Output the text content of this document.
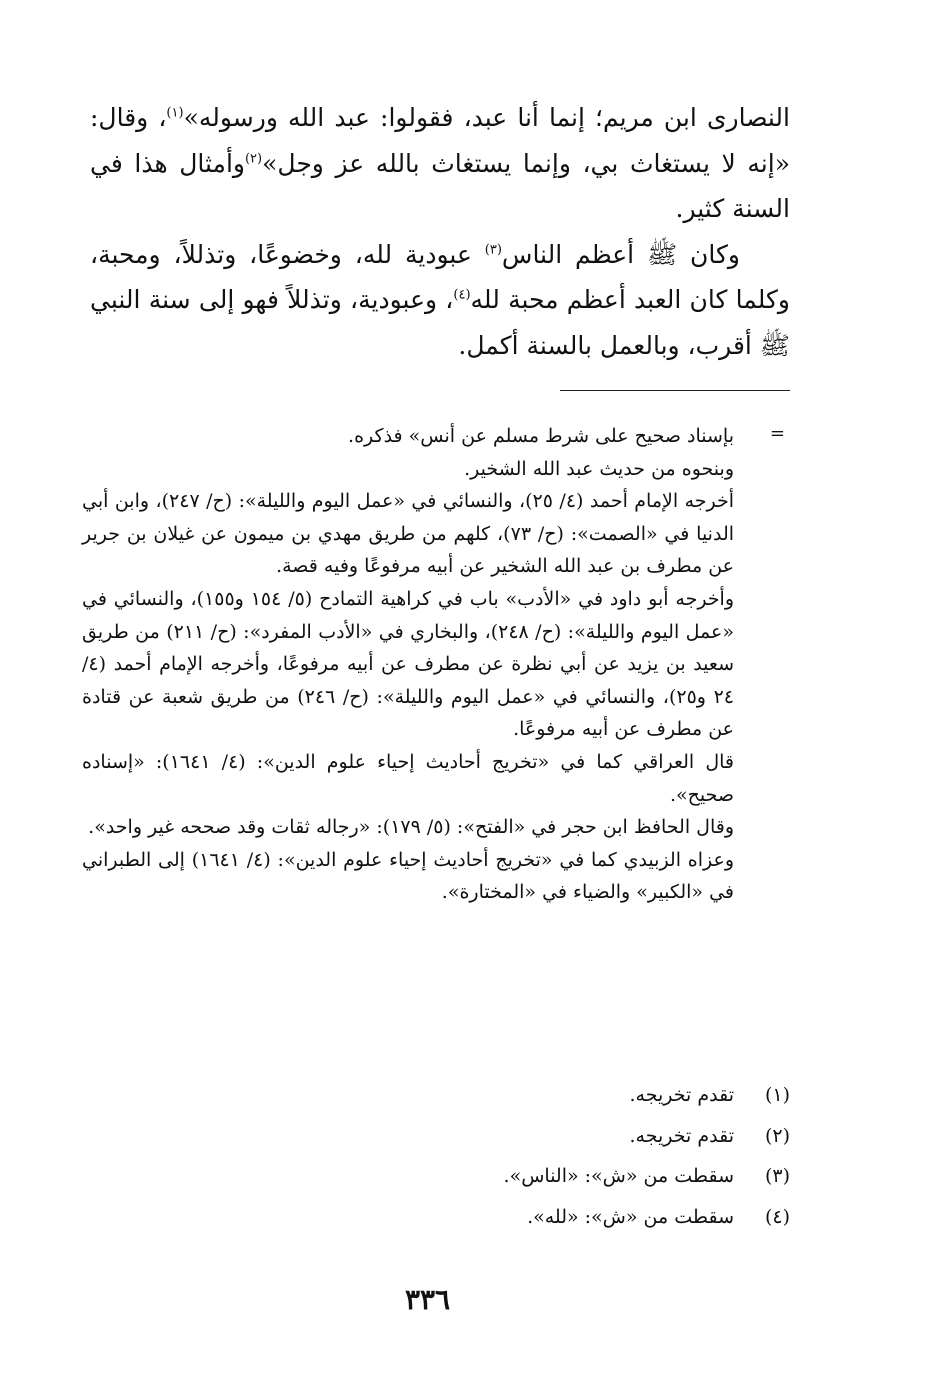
النصارى ابن مريم؛ إنما أنا عبد، فقولوا: عبد الله ورسوله»$^{(١)}$، وقال: «إنه لا يستغاث بي، وإنما يستغاث بالله عز وجل»$^{(٢)}$وأمثال هذا في السنة كثير.

وكان ﷺ أعظم الناس$^{(٣)}$ عبودية لله، وخضوعًا، وتذللاً، ومحبة، وكلما كان العبد أعظم محبة لله$^{(٤)}$، وعبودية، وتذللاً فهو إلى سنة النبي ﷺ أقرب، وبالعمل بالسنة أكمل.

=

بإسناد صحيح على شرط مسلم عن أنس» فذكره.

وبنحوه من حديث عبد الله الشخير.

أخرجه الإمام أحمد (٤/ ٢٥)، والنسائي في «عمل اليوم والليلة»: (ح/ ٢٤٧)، وابن أبي الدنيا في «الصمت»: (ح/ ٧٣)، كلهم من طريق مهدي بن ميمون عن غيلان بن جرير عن مطرف بن عبد الله الشخير عن أبيه مرفوعًا وفيه قصة.

وأخرجه أبو داود في «الأدب» باب في كراهية التمادح (٥/ ١٥٤ و١٥٥)، والنسائي في «عمل اليوم والليلة»: (ح/ ٢٤٨)، والبخاري في «الأدب المفرد»: (ح/ ٢١١) من طريق سعيد بن يزيد عن أبي نظرة عن مطرف عن أبيه مرفوعًا، وأخرجه الإمام أحمد (٤/ ٢٤ و٢٥)، والنسائي في «عمل اليوم والليلة»: (ح/ ٢٤٦) من طريق شعبة عن قتادة عن مطرف عن أبيه مرفوعًا.

قال العراقي كما في «تخريج أحاديث إحياء علوم الدين»: (٤/ ١٦٤١): «إسناده صحيح».

وقال الحافظ ابن حجر في «الفتح»: (٥/ ١٧٩): «رجاله ثقات وقد صححه غير واحد».

وعزاه الزبيدي كما في «تخريج أحاديث إحياء علوم الدين»: (٤/ ١٦٤١) إلى الطبراني في «الكبير» والضياء في «المختارة».

(١)
تقدم تخريجه.
(٢)
تقدم تخريجه.
(٣)
سقطت من «ش»: «الناس».
(٤)
سقطت من «ش»: «لله».
٣٣٦
